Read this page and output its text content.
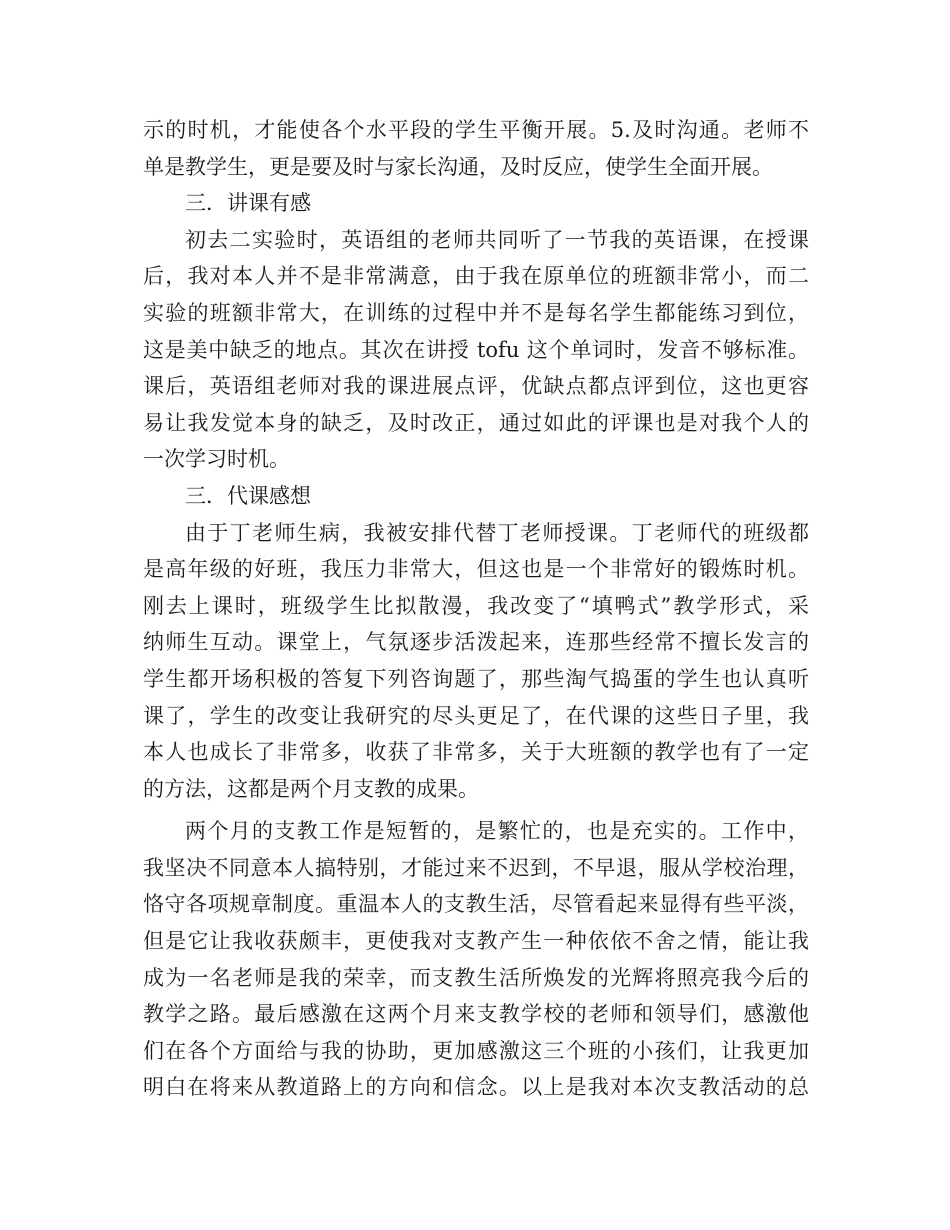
示的时机，才能使各个水平段的学生平衡开展。5.及时沟通。老师不
单是教学生，更是要及时与家长沟通，及时反应，使学生全面开展。
三．讲课有感
初去二实验时，英语组的老师共同听了一节我的英语课，在授课
后，我对本人并不是非常满意，由于我在原单位的班额非常小，而二
实验的班额非常大，在训练的过程中并不是每名学生都能练习到位，
这是美中缺乏的地点。其次在讲授 tofu 这个单词时，发音不够标准。
课后，英语组老师对我的课进展点评，优缺点都点评到位，这也更容
易让我发觉本身的缺乏，及时改正，通过如此的评课也是对我个人的
一次学习时机。
三．代课感想
由于丁老师生病，我被安排代替丁老师授课。丁老师代的班级都
是高年级的好班，我压力非常大，但这也是一个非常好的锻炼时机。
刚去上课时，班级学生比拟散漫，我改变了“填鸭式”教学形式，采
纳师生互动。课堂上，气氛逐步活泼起来，连那些经常不擅长发言的
学生都开场积极的答复下列咨询题了，那些淘气捣蛋的学生也认真听
课了，学生的改变让我研究的尽头更足了，在代课的这些日子里，我
本人也成长了非常多，收获了非常多，关于大班额的教学也有了一定
的方法，这都是两个月支教的成果。
两个月的支教工作是短暂的，是繁忙的，也是充实的。工作中，
我坚决不同意本人搞特别，才能过来不迟到，不早退，服从学校治理，
恪守各项规章制度。重温本人的支教生活，尽管看起来显得有些平淡，
但是它让我收获颇丰，更使我对支教产生一种依依不舍之情，能让我
成为一名老师是我的荣幸，而支教生活所焕发的光辉将照亮我今后的
教学之路。最后感激在这两个月来支教学校的老师和领导们，感激他
们在各个方面给与我的协助，更加感激这三个班的小孩们，让我更加
明白在将来从教道路上的方向和信念。以上是我对本次支教活动的总
